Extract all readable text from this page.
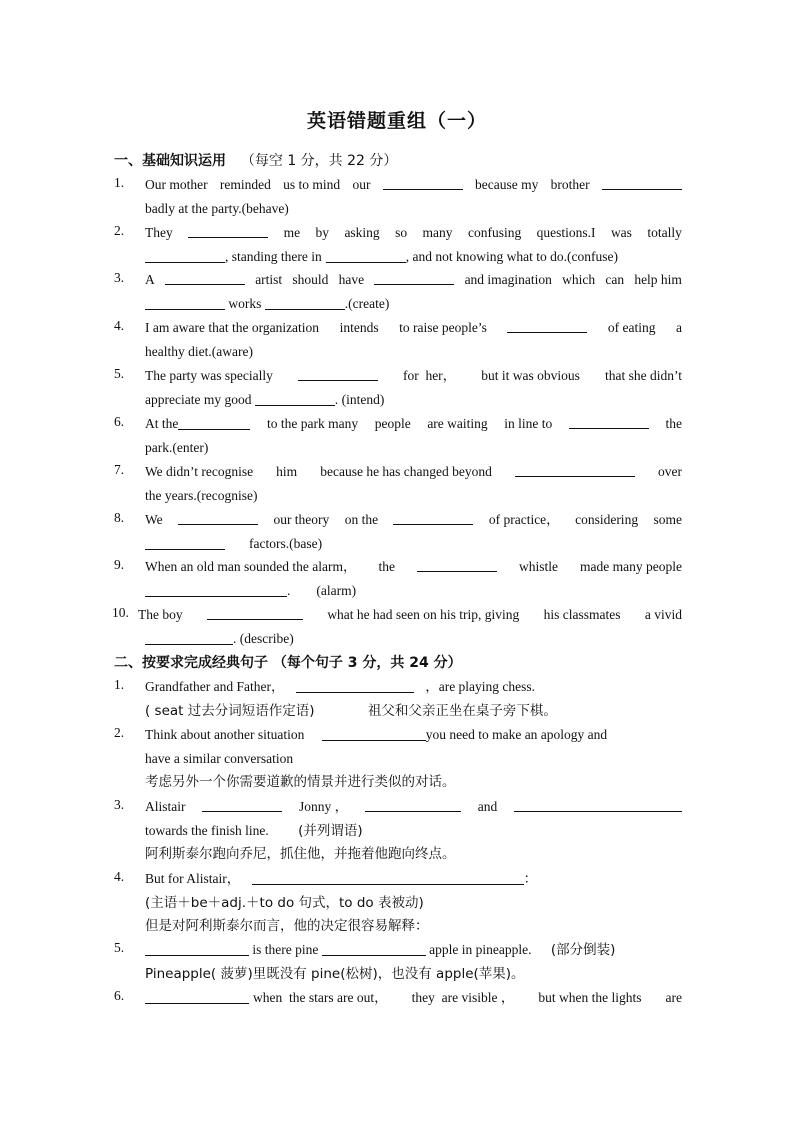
英语错题重组（一）
一、基础知识运用 （每空 1 分，共 22 分）
1.	Our mother reminded us to mind our	because my brother
badly at the party.(behave)
2.	They	me by asking so many confusing questions.I was totally
, standing there in	, and not knowing what to do.(confuse)
3.	A	artist should have	and imagination which can help him
works	.(create)
4.	I am aware that the organization intends to raise people’s	of eating a
healthy diet.(aware)
5.	The party was specially	for  her， but it was obvious that she didn’t
appreciate my good	. (intend)
6.	At the	to the park many people are waiting in line to	the
park.(enter)
7.	We didn’t recognise him because he has changed beyond	over
the years.(recognise)
8.	We	our theory on the	of practice， considering some
factors.(base)
9.	When an old man sounded the alarm， the	whistle made many people
. (alarm)
10. The boy	what he had seen on his trip, giving his classmates a vivid
. (describe)
二、按要求完成经典句子 （每个句子 3 分，共 24 分）
1.	Grandfather and Father，	，are playing chess.
( seat 过去分词短语作定语)	祖父和父亲正坐在桌子旁下棋。
2.	Think about another situation	you need to make an apology and
have a similar conversation
考虑另外一个你需要道歉的情景并进行类似的对话。
3.	Alistair	Jonny ，	and
towards the finish line. (并列谓语)
阿利斯泰尔跑向乔尼，抓住他，并拖着他跑向终点。
4.	But for Alistair，	：
(主语＋be＋adj.＋to do 句式，to do 表被动)
但是对阿利斯泰尔而言，他的决定很容易解释：
5.	is there pine	apple in pineapple. (部分倒装)
Pineapple( 菠萝)里既没有 pine(松树)，也没有 apple(苹果)。
6.	when  the stars are out， they  are visible ， but when the lights are
